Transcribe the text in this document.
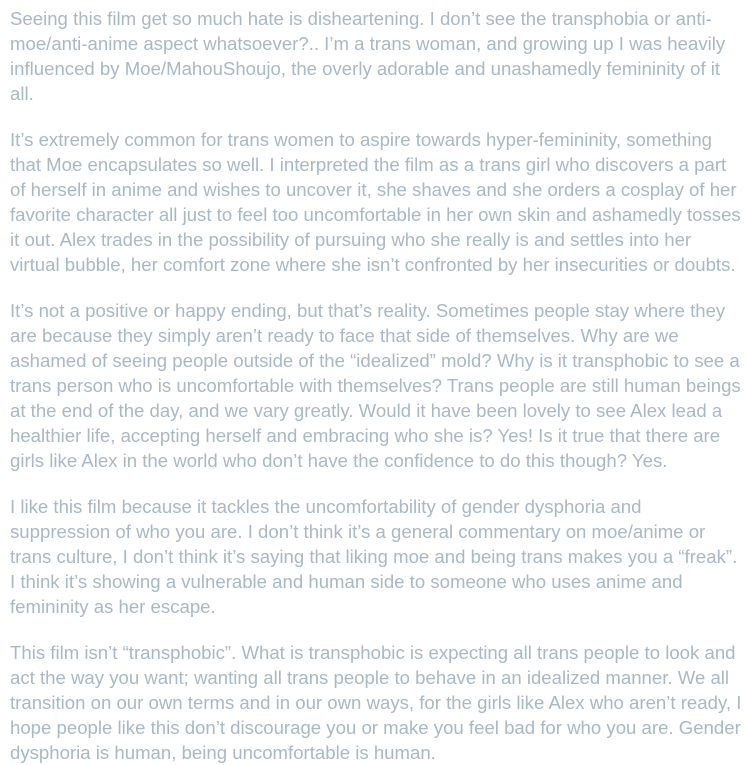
Seeing this film get so much hate is disheartening. I don’t see the transphobia or anti-moe/anti-anime aspect whatsoever?.. I’m a trans woman, and growing up I was heavily influenced by Moe/MahouShoujo, the overly adorable and unashamedly femininity of it all.

It’s extremely common for trans women to aspire towards hyper-femininity, something that Moe encapsulates so well. I interpreted the film as a trans girl who discovers a part of herself in anime and wishes to uncover it, she shaves and she orders a cosplay of her favorite character all just to feel too uncomfortable in her own skin and ashamedly tosses it out. Alex trades in the possibility of pursuing who she really is and settles into her virtual bubble, her comfort zone where she isn’t confronted by her insecurities or doubts.

It’s not a positive or happy ending, but that’s reality. Sometimes people stay where they are because they simply aren’t ready to face that side of themselves. Why are we ashamed of seeing people outside of the “idealized” mold? Why is it transphobic to see a trans person who is uncomfortable with themselves? Trans people are still human beings at the end of the day, and we vary greatly. Would it have been lovely to see Alex lead a healthier life, accepting herself and embracing who she is? Yes! Is it true that there are girls like Alex in the world who don’t have the confidence to do this though? Yes.

I like this film because it tackles the uncomfortability of gender dysphoria and suppression of who you are. I don’t think it’s a general commentary on moe/anime or trans culture, I don’t think it’s saying that liking moe and being trans makes you a “freak”. I think it’s showing a vulnerable and human side to someone who uses anime and femininity as her escape.

This film isn’t “transphobic”. What is transphobic is expecting all trans people to look and act the way you want; wanting all trans people to behave in an idealized manner. We all transition on our own terms and in our own ways, for the girls like Alex who aren’t ready, I hope people like this don’t discourage you or make you feel bad for who you are. Gender dysphoria is human, being uncomfortable is human.
